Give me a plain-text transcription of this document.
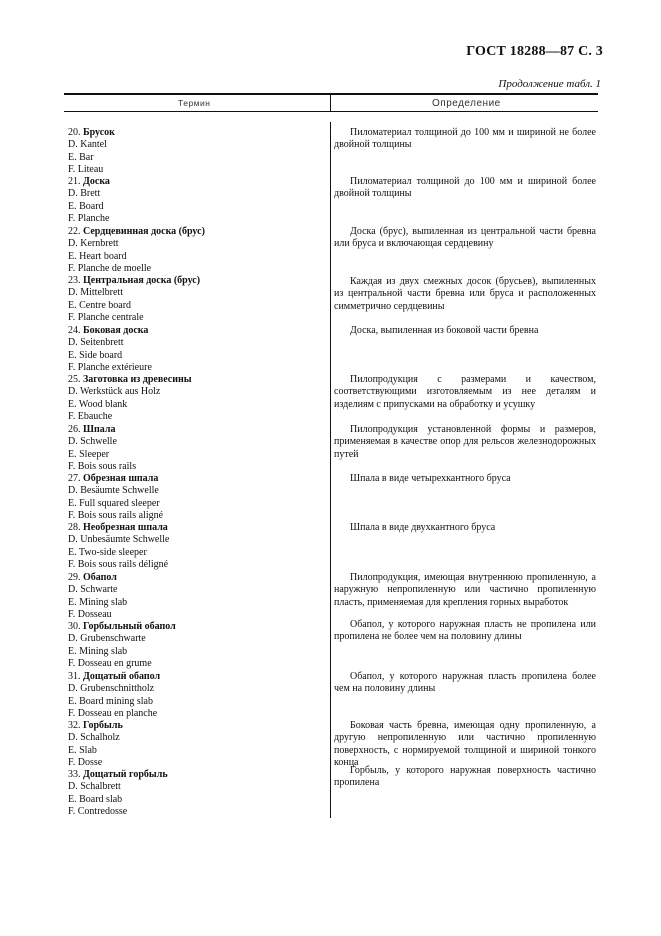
ГОСТ 18288—87 С. 3
Продолжение табл. 1
Термин	Определение
20. Брусок
D. Kantel
E. Bar
F. Liteau
Пиломатериал толщиной до 100 мм и шириной не более двойной толщины
21. Доска
D. Brett
E. Board
F. Planche
Пиломатериал толщиной до 100 мм и шириной более двойной толщины
22. Сердцевинная доска (брус)
D. Kernbrett
E. Heart board
F. Planche de moelle
Доска (брус), выпиленная из центральной части бревна или бруса и включающая сердцевину
23. Центральная доска (брус)
D. Mittelbrett
E. Centre board
F. Planche centrale
Каждая из двух смежных досок (брусьев), выпиленных из центральной части бревна или бруса и расположенных симметрично сердцевины
24. Боковая доска
D. Seitenbrett
E. Side board
F. Planche extérieure
Доска, выпиленная из боковой части бревна
25. Заготовка из древесины
D. Werkstück aus Holz
E. Wood blank
F. Ebauche
Пилопродукция с размерами и качеством, соответствующими изготовляемым из нее деталям и изделиям с припусками на обработку и усушку
26. Шпала
D. Schwelle
E. Sleeper
F. Bois sous rails
Пилопродукция установленной формы и размеров, применяемая в качестве опор для рельсов железнодорожных путей
27. Обрезная шпала
D. Besäumte Schwelle
E. Full squared sleeper
F. Bois sous rails aligné
Шпала в виде четырехкантного бруса
28. Необрезная шпала
D. Unbesäumte Schwelle
E. Two-side sleeper
F. Bois sous rails déligné
Шпала в виде двухкантного бруса
29. Обапол
D. Schwarte
E. Mining slab
F. Dosseau
Пилопродукция, имеющая внутреннюю пропиленную, а наружную непропиленную или частично пропиленную пласть, применяемая для крепления горных выработок
30. Горбыльный обапол
D. Grubenschwarte
E. Mining slab
F. Dosseau en grume
Обапол, у которого наружная пласть не пропилена или пропилена не более чем на половину длины
31. Дощатый обапол
D. Grubenschnittholz
E. Board mining slab
F. Dosseau en planche
Обапол, у которого наружная пласть пропилена более чем на половину длины
32. Горбыль
D. Schalholz
E. Slab
F. Dosse
Боковая часть бревна, имеющая одну пропиленную, а другую непропиленную или частично пропиленную поверхность, с нормируемой толщиной и шириной тонкого конца
33. Дощатый горбыль
D. Schalbrett
E. Board slab
F. Contredosse
Горбыль, у которого наружная поверхность частично пропилена
